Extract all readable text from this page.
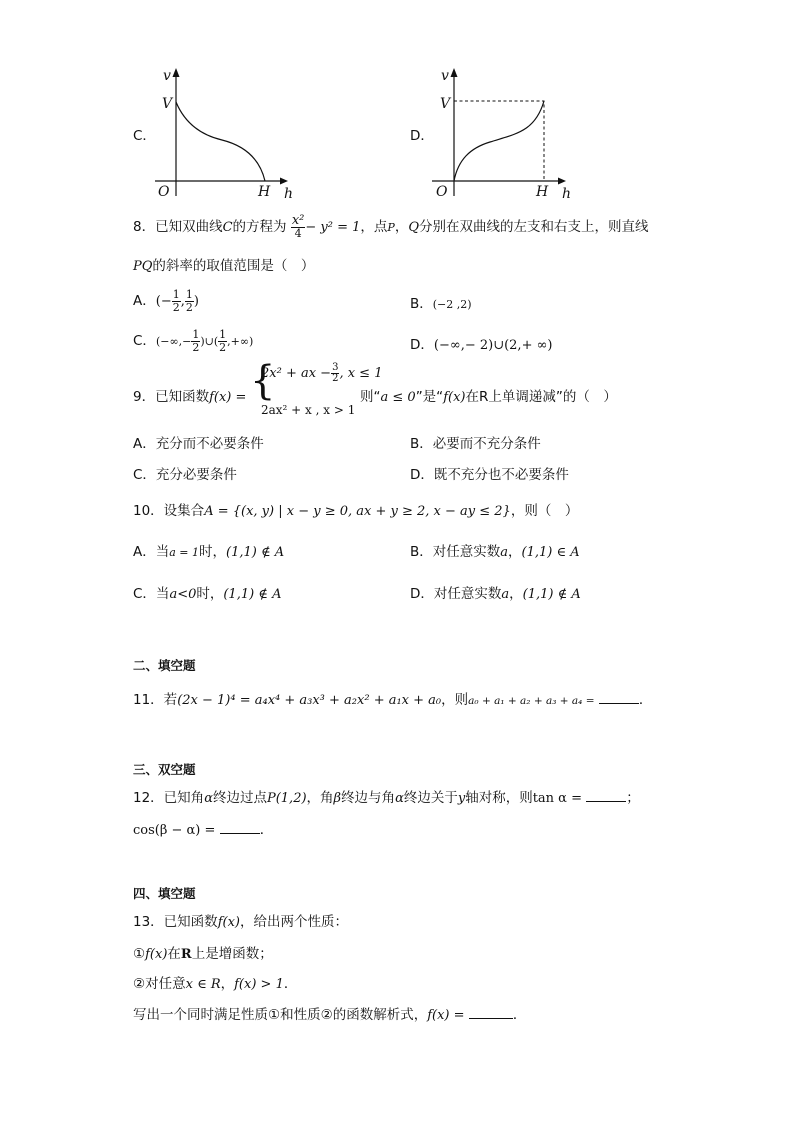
C．
v
V
O	H h
D．
v
V
O	H h
8．已知双曲线C的方程为 $\frac{\text{x²}}{4} - y^2 = 1$，点P，Q分别在双曲线的左支和右支上，则直线
PQ的斜率的取值范围是（　）
A．(− $\frac{1}{2}$ , $\frac{1}{2}$ )	B．(−2 ,2)
C．(−∞,− $\frac{1}{2}$ )∪( $\frac{1}{2}$ ,+∞)	D．(−∞,− 2)∪(2,+ ∞)
9．已知函数f(x) = {
2x² + ax − $\frac{3}{2}$ , x ≤ 1
2ax² + x , x > 1
则“a ≤ 0”是“f(x)在R上单调递减”的（　）
A．充分而不必要条件	B．必要而不充分条件
C．充分必要条件	D．既不充分也不必要条件
10．设集合A = {(x, y) | x − y ≥ 0, ax + y ≥ 2, x − ay ≤ 2}，则（　）
A．当a = 1时，(1,1) ∉ A	B．对任意实数a，(1,1) ∈ A
C．当a<0时，(1,1) ∉ A	D．对任意实数a，(1,1) ∉ A
二、填空题
11．若(2x − 1)⁴ = a₄x⁴ + a₃x³ + a₂x² + a₁x + a₀，则a₀ + a₁ + a₂ + a₃ + a₄ =	．
三、双空题
12．已知角α终边过点P(1,2)，角β终边与角α终边关于y轴对称，则tan α =	；
cos(β − α) =	．
四、填空题
13．已知函数f(x)，给出两个性质：
①f(x)在R上是增函数；
②对任意x ∈ R，f(x) > 1．
写出一个同时满足性质①和性质②的函数解析式，f(x) =	．
